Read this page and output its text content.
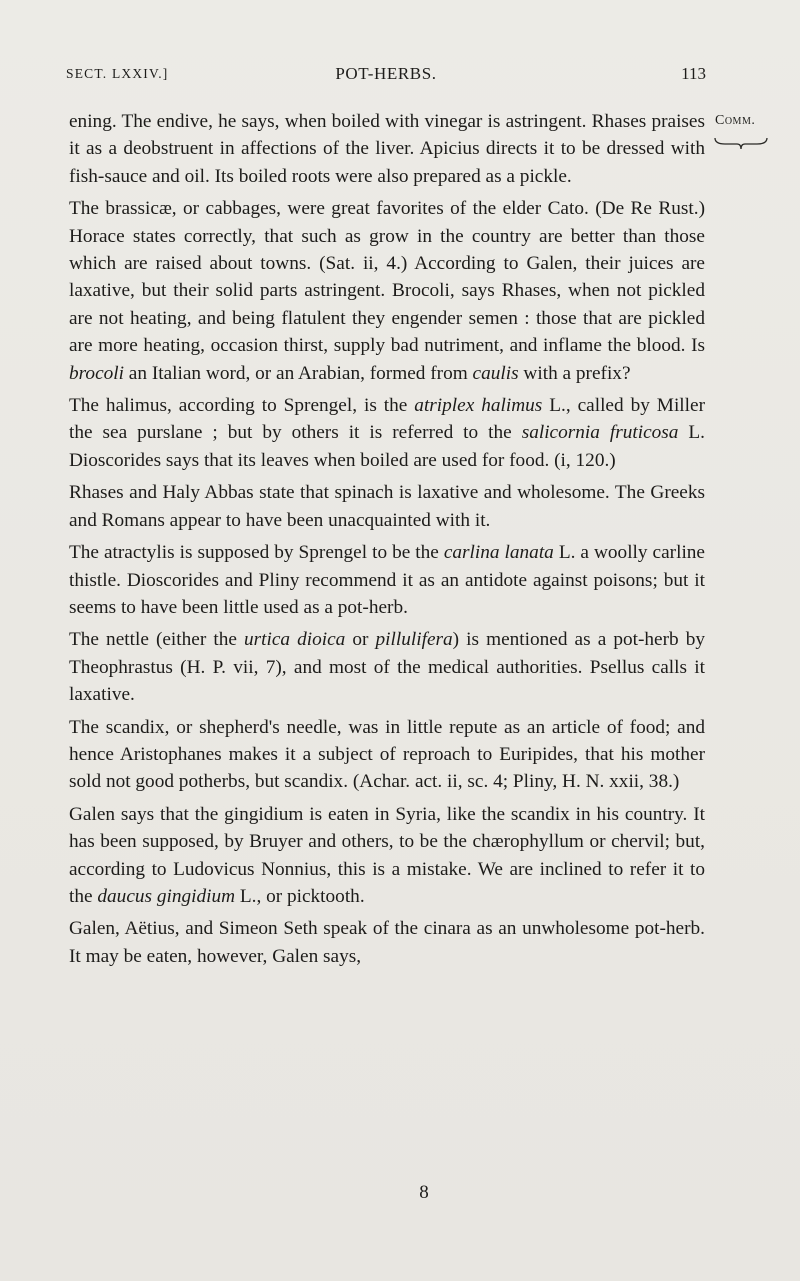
SECT. LXXIV.]	POT-HERBS.	113
Comm.

ening. The endive, he says, when boiled with vinegar is astringent. Rhases praises it as a deobstruent in affections of the liver. Apicius directs it to be dressed with fish-sauce and oil. Its boiled roots were also prepared as a pickle.

The brassicæ, or cabbages, were great favorites of the elder Cato. (De Re Rust.) Horace states correctly, that such as grow in the country are better than those which are raised about towns. (Sat. ii, 4.) According to Galen, their juices are laxative, but their solid parts astringent. Brocoli, says Rhases, when not pickled are not heating, and being flatulent they engender semen : those that are pickled are more heating, occasion thirst, supply bad nutriment, and inflame the blood. Is brocoli an Italian word, or an Arabian, formed from caulis with a prefix?

The halimus, according to Sprengel, is the atriplex halimus L., called by Miller the sea purslane ; but by others it is referred to the salicornia fruticosa L. Dioscorides says that its leaves when boiled are used for food. (i, 120.)

Rhases and Haly Abbas state that spinach is laxative and wholesome. The Greeks and Romans appear to have been unacquainted with it.

The atractylis is supposed by Sprengel to be the carlina lanata L. a woolly carline thistle. Dioscorides and Pliny recommend it as an antidote against poisons; but it seems to have been little used as a pot-herb.

The nettle (either the urtica dioica or pillulifera) is mentioned as a pot-herb by Theophrastus (H. P. vii, 7), and most of the medical authorities. Psellus calls it laxative.

The scandix, or shepherd's needle, was in little repute as an article of food; and hence Aristophanes makes it a subject of reproach to Euripides, that his mother sold not good potherbs, but scandix. (Achar. act. ii, sc. 4; Pliny, H. N. xxii, 38.)

Galen says that the gingidium is eaten in Syria, like the scandix in his country. It has been supposed, by Bruyer and others, to be the chærophyllum or chervil; but, according to Ludovicus Nonnius, this is a mistake. We are inclined to refer it to the daucus gingidium L., or picktooth.

Galen, Aëtius, and Simeon Seth speak of the cinara as an unwholesome pot-herb. It may be eaten, however, Galen says,

8
